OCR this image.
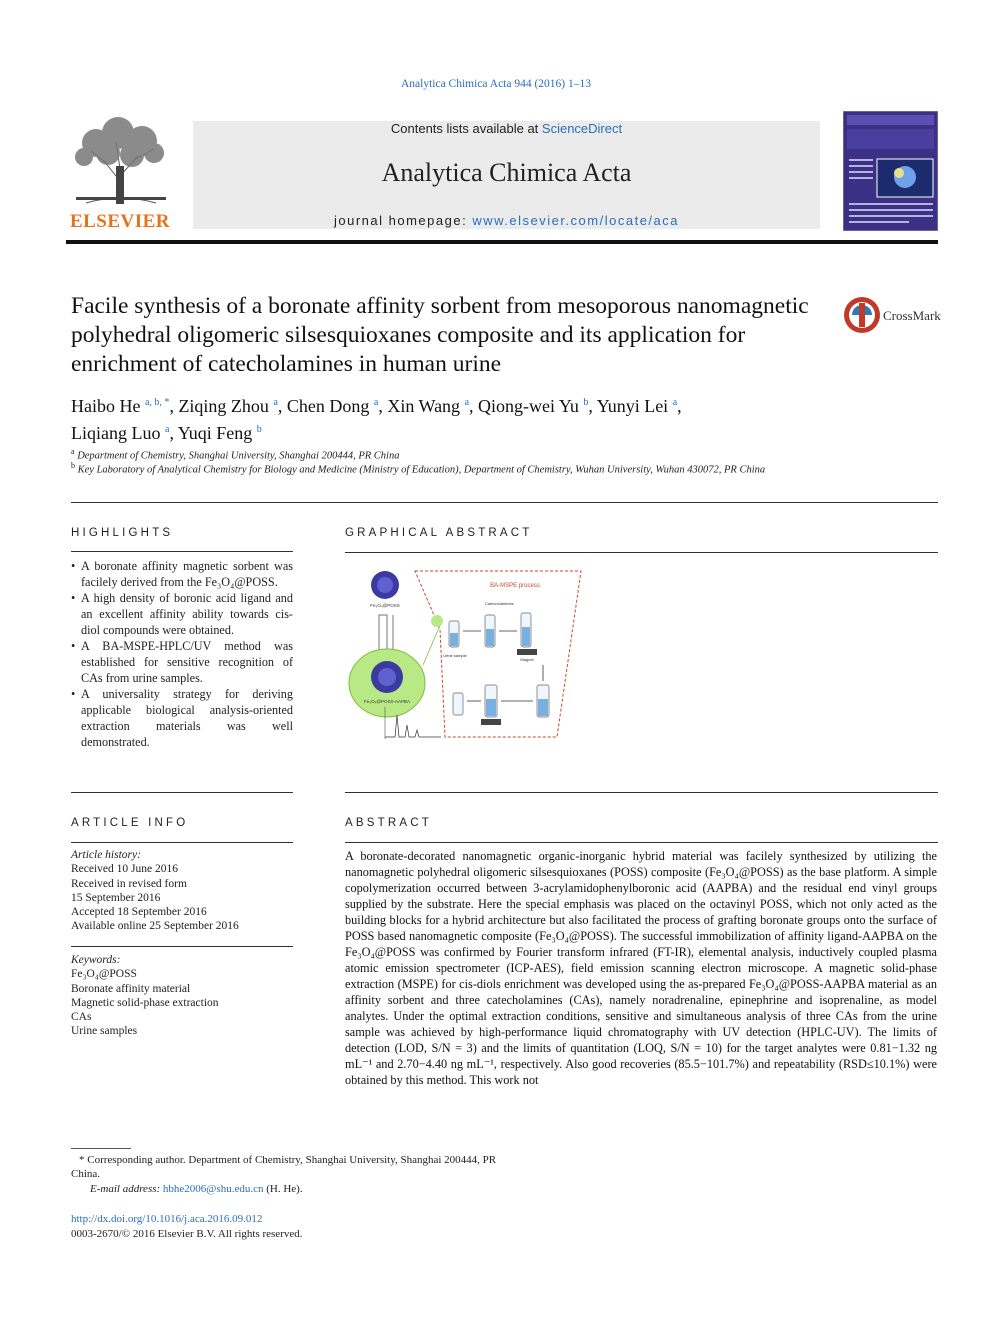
Analytica Chimica Acta 944 (2016) 1–13
ELSEVIER
Contents lists available at ScienceDirect
Analytica Chimica Acta
journal homepage: www.elsevier.com/locate/aca
Facile synthesis of a boronate affinity sorbent from mesoporous nanomagnetic polyhedral oligomeric silsesquioxanes composite and its application for enrichment of catecholamines in human urine
CrossMark
Haibo He $^{a, b, *}$, Ziqing Zhou $^a$, Chen Dong $^a$, Xin Wang $^a$, Qiong-wei Yu $^b$, Yunyi Lei $^a$,
Liqiang Luo $^a$, Yuqi Feng $^b$
$^a$ Department of Chemistry, Shanghai University, Shanghai 200444, PR China
$^b$ Key Laboratory of Analytical Chemistry for Biology and Medicine (Ministry of Education), Department of Chemistry, Wuhan University, Wuhan 430072, PR China
HIGHLIGHTS
• A boronate affinity magnetic sorbent was facilely derived from the Fe₃O₄@POSS.
• A high density of boronic acid ligand and an excellent affinity ability towards cis-diol compounds were obtained.
• A BA-MSPE-HPLC/UV method was established for sensitive recognition of CAs from urine samples.
• A universality strategy for deriving applicable biological analysis-oriented extraction materials was well demonstrated.
GRAPHICAL ABSTRACT
BA-MSPE process
Fe₃O₄@POSS
Fe₃O₄@POSS-AAPBA
Magnet
Urine sample
Catecholamines
ARTICLE INFO
Article history:
Received 10 June 2016
Received in revised form
15 September 2016
Accepted 18 September 2016
Available online 25 September 2016
Keywords:
Fe₃O₄@POSS
Boronate affinity material
Magnetic solid-phase extraction
CAs
Urine samples
ABSTRACT
A boronate-decorated nanomagnetic organic-inorganic hybrid material was facilely synthesized by utilizing the nanomagnetic polyhedral oligomeric silsesquioxanes (POSS) composite (Fe₃O₄@POSS) as the base platform. A simple copolymerization occurred between 3-acrylamidophenylboronic acid (AAPBA) and the residual end vinyl groups supplied by the substrate. Here the special emphasis was placed on the octavinyl POSS, which not only acted as the building blocks for a hybrid architecture but also facilitated the process of grafting boronate groups onto the surface of POSS based nanomagnetic composite (Fe₃O₄@POSS). The successful immobilization of affinity ligand-AAPBA on the Fe₃O₄@POSS was confirmed by Fourier transform infrared (FT-IR), elemental analysis, inductively coupled plasma atomic emission spectrometer (ICP-AES), field emission scanning electron microscope. A magnetic solid-phase extraction (MSPE) for cis-diols enrichment was developed using the as-prepared Fe₃O₄@POSS-AAPBA material as an affinity sorbent and three catecholamines (CAs), namely noradrenaline, epinephrine and isoprenaline, as model analytes. Under the optimal extraction conditions, sensitive and simultaneous analysis of three CAs from the urine sample was achieved by high-performance liquid chromatography with UV detection (HPLC-UV). The limits of detection (LOD, S/N = 3) and the limits of quantitation (LOQ, S/N = 10) for the target analytes were 0.81−1.32 ng mL⁻¹ and 2.70−4.40 ng mL⁻¹, respectively. Also good recoveries (85.5−101.7%) and repeatability (RSD≤10.1%) were obtained by this method. This work not
* Corresponding author. Department of Chemistry, Shanghai University, Shanghai 200444, PR China.
E-mail address: hbhe2006@shu.edu.cn (H. He).
http://dx.doi.org/10.1016/j.aca.2016.09.012
0003-2670/© 2016 Elsevier B.V. All rights reserved.
